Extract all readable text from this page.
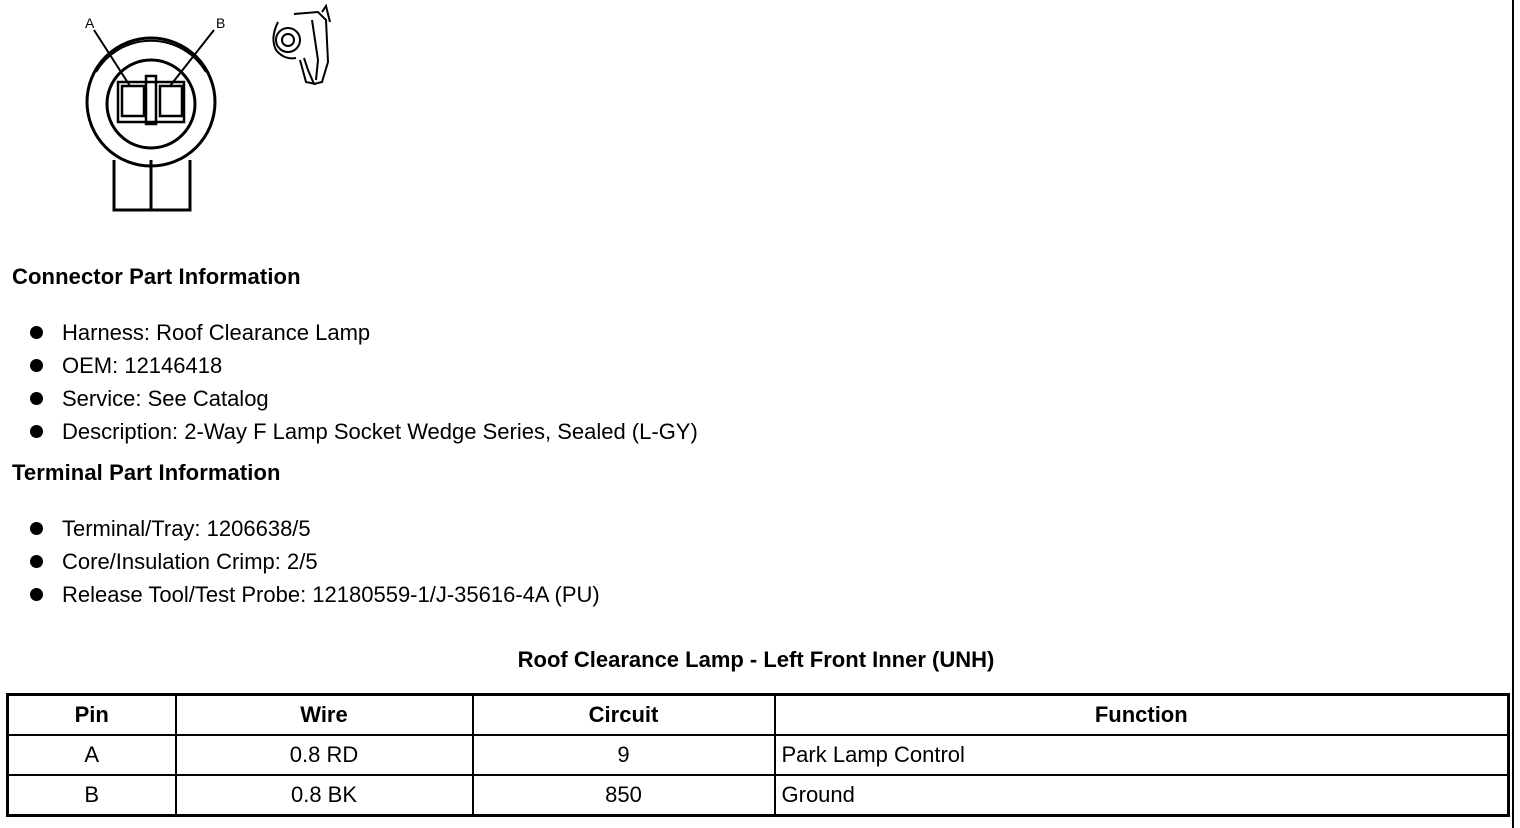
A	B
Connector Part Information
Harness: Roof Clearance Lamp
OEM: 12146418
Service: See Catalog
Description: 2-Way F Lamp Socket Wedge Series, Sealed (L-GY)
Terminal Part Information
Terminal/Tray: 1206638/5
Core/Insulation Crimp: 2/5
Release Tool/Test Probe: 12180559-1/J-35616-4A (PU)
Roof Clearance Lamp - Left Front Inner (UNH)
Pin	Wire	Circuit	Function
A	0.8 RD	9	Park Lamp Control
B	0.8 BK	850	Ground
